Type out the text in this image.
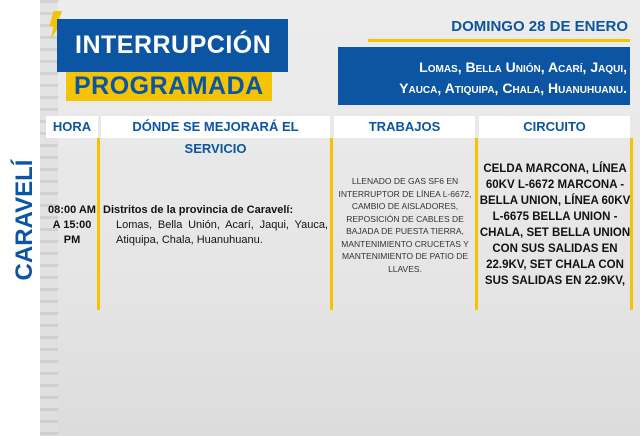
INTERRUPCIÓN
PROGRAMADA
DOMINGO 28 DE ENERO
Lomas, Bella Unión, Acarí, Jaqui,
Yauca, Atiquipa, Chala, Huanuhuanu.
CARAVELÍ
HORA	DÓNDE SE MEJORARÁ EL SERVICIO
TRABAJOS	CIRCUITO
08:00 AM A 15:00 PM
Distritos de la provincia de Caravelí:
Lomas, Bella Unión, Acarí, Jaqui, Yauca, Atiquipa, Chala, Huanuhuanu.
LLENADO DE GAS SF6 EN INTERRUPTOR DE LÍNEA L-6672, CAMBIO DE AISLADORES, REPOSICIÓN DE CABLES DE BAJADA DE PUESTA TIERRA, MANTENIMIENTO CRUCETAS Y MANTENIMIENTO DE PATIO DE LLAVES.
CELDA MARCONA, LÍNEA 60KV L-6672 MARCONA - BELLA UNION, LÍNEA 60KV L-6675 BELLA UNION - CHALA, SET BELLA UNION CON SUS SALIDAS EN 22.9KV, SET CHALA CON SUS SALIDAS EN 22.9KV,
